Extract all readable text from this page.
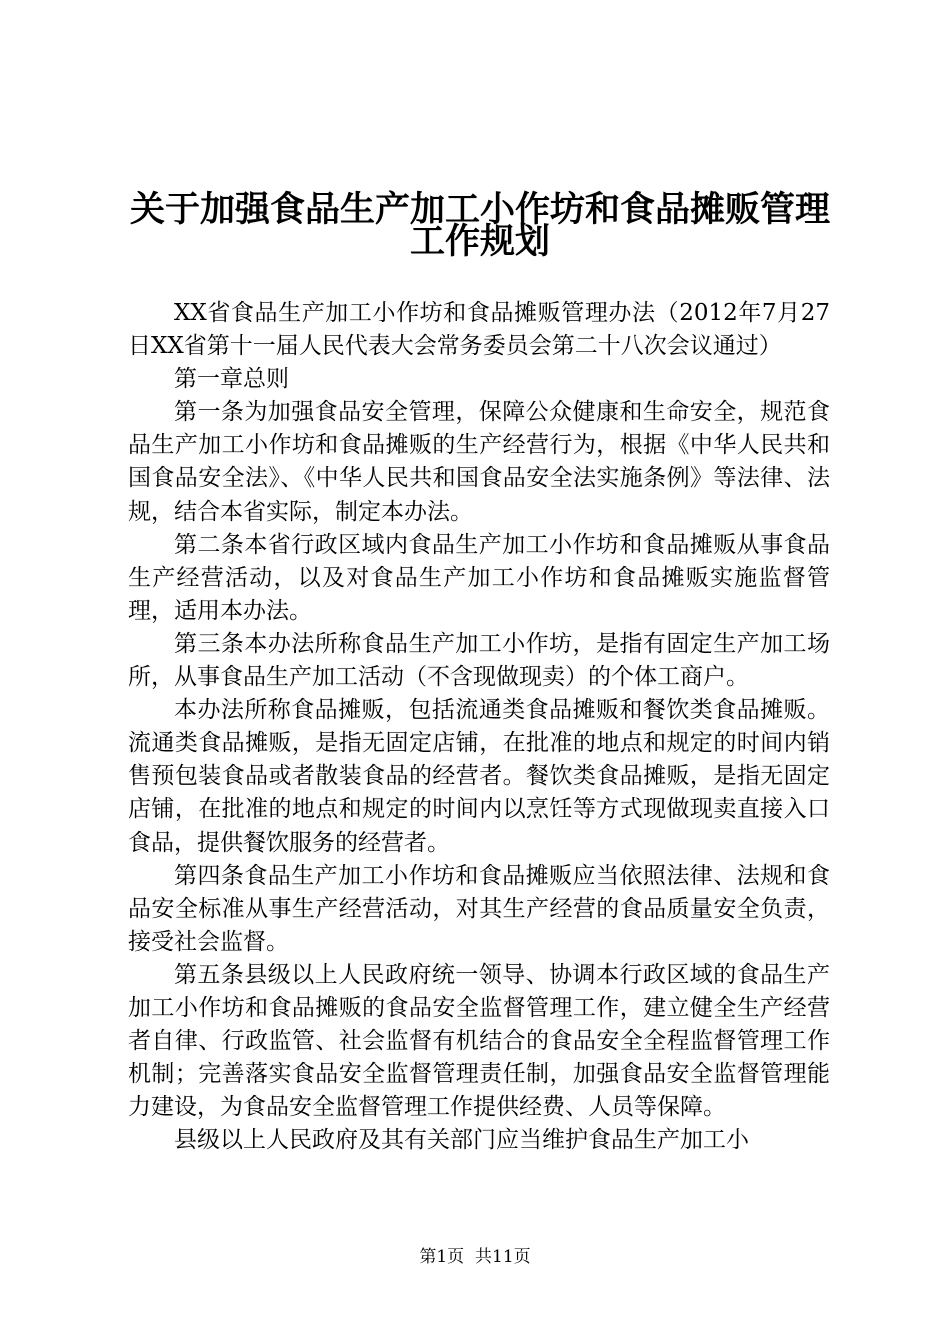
关于加强食品生产加工小作坊和食品摊贩管理
工作规划

XX省食品生产加工小作坊和食品摊贩管理办法（2012年7月27日XX省第十一届人民代表大会常务委员会第二十八次会议通过）

第一章总则

第一条为加强食品安全管理，保障公众健康和生命安全，规范食品生产加工小作坊和食品摊贩的生产经营行为，根据《中华人民共和国食品安全法》、《中华人民共和国食品安全法实施条例》等法律、法规，结合本省实际，制定本办法。

第二条本省行政区域内食品生产加工小作坊和食品摊贩从事食品生产经营活动，以及对食品生产加工小作坊和食品摊贩实施监督管理，适用本办法。

第三条本办法所称食品生产加工小作坊，是指有固定生产加工场所，从事食品生产加工活动（不含现做现卖）的个体工商户。

本办法所称食品摊贩，包括流通类食品摊贩和餐饮类食品摊贩。流通类食品摊贩，是指无固定店铺，在批准的地点和规定的时间内销售预包装食品或者散装食品的经营者。餐饮类食品摊贩，是指无固定店铺，在批准的地点和规定的时间内以烹饪等方式现做现卖直接入口食品，提供餐饮服务的经营者。

第四条食品生产加工小作坊和食品摊贩应当依照法律、法规和食品安全标准从事生产经营活动，对其生产经营的食品质量安全负责，接受社会监督。

第五条县级以上人民政府统一领导、协调本行政区域的食品生产加工小作坊和食品摊贩的食品安全监督管理工作，建立健全生产经营者自律、行政监管、社会监督有机结合的食品安全全程监督管理工作机制；完善落实食品安全监督管理责任制，加强食品安全监督管理能力建设，为食品安全监督管理工作提供经费、人员等保障。

县级以上人民政府及其有关部门应当维护食品生产加工小

第1页 共11页
